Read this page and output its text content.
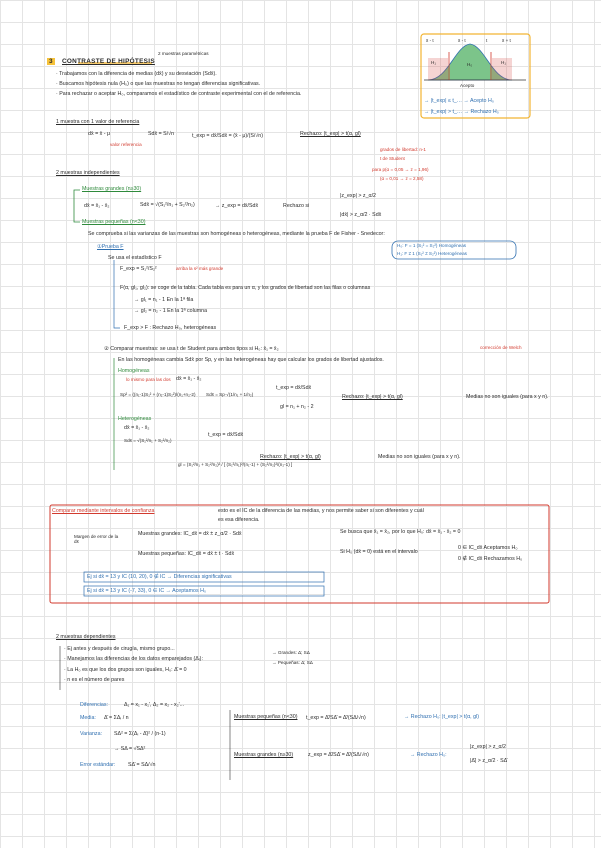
2 muestras paramétricas
3	CONTRASTE DE HIPÓTESIS
· Trabajamos con la diferencia de medias (dx̄) y su desviación (Sdx̄).
· Buscamos hipótesis nula (H₀) o que las muestras no tengan diferencias significativas.
· Para rechazar o aceptar H₀, comparamos el estadístico de contraste experimental con el de referencia.
x̄ - t	x̄ - t	t	x̄ + t
H₁	H₀	H₁
Acepto
→ |t_exp| ≤ t_… → Acepto H₀
→ |t_exp| > t_… → Rechazo H₀
1 muestra con 1 valor de referencia
dx̄ = x̄ - μ
valor referencia
Sdx̄ = S/√n	t_exp = dx̄/Sdx̄ = (x̄ - μ)/(S/√n)	Rechazo: |t_exp| > t(α, gl)
grados de libertad: n-1
t de Student
2 muestras independientes
para p(α = 0,05 → z = 1,96)
(α = 0,01 → z = 2,58)
Muestras grandes (n≥30)
dx̄ = x̄₁ - x̄₂	Sdx̄ = √(S₁²/n₁ + S₂²/n₂)	→ z_exp = dx̄/Sdx̄	Rechazo si
|z_exp| > z_α/2
|dx̄| > z_α/2 · Sdx̄
Muestras pequeñas (n<30)
Se comprueba si las varianzas de las muestras son homogéneas o heterogéneas, mediante la prueba F de Fisher - Snedecor:
H₀: F = 1 (S₁² = S₂²) Homogéneas
H₁: F ≠ 1 (S₁² ≠ S₂²) Heterogéneas
①Prueba F
Se usa el estadístico F
F_exp = S₁²/S₂²	arriba la s² más grande
F(α, gl₁, gl₂): se coge de la tabla. Cada tabla es para un α, y los grados de libertad son las filas o columnas
→ gl₁ = n₁ - 1 En la 1ª fila
→ gl₂ = n₂ - 1 En la 1ª columna
F_exp > F : Rechazo H₀, heterogéneas
② Comparar muestras: se usa t de Student para ambos tipos si H₀: x̄₁ = x̄₂	corrección de Welch
En las homogéneas cambia Sdx̄ por Sp, y en las heterogéneas hay que calcular los grados de libertad ajustados.
Homogéneas
lo mismo para las dos dx̄ = x̄₁ - x̄₂
Sp² = ((n₁-1)S₁² + (n₂-1)S₂²)/(n₁+n₂-2) Sdx̄ = Sp·√(1/n₁ + 1/n₂)
t_exp = dx̄/Sdx̄
gl = n₁ + n₂ - 2
Rechazo: |t_exp| > t(α, gl)	Medias no son iguales (para x y n).
Heterogéneas
dx̄ = x̄₁ - x̄₂
Sdx̄ = √(S₁²/n₁ + S₂²/n₂)
t_exp = dx̄/Sdx̄
gl = (S₁²/n₁ + S₂²/n₂)² / [ (S₁²/n₁)²/(n₁-1) + (S₂²/n₂)²/(n₂-1) ]
Rechazo: |t_exp| > t(α, gl)	Medias no son iguales (para x y n).
Comparar mediante intervalos de confianza	esto es el IC de la diferencia de las medias, y nos permite saber si son diferentes y cuál
es esa diferencia.
Margen de error de la dx̄
Muestras grandes: IC_dx̄ = dx̄ ± z_α/2 · Sdx̄
Muestras pequeñas: IC_dx̄ = dx̄ ± t · Sdx̄
Se busca que x̄₁ = x̄₂, por lo que H₀: dx̄ = x̄₁ - x̄₂ = 0
Si H₀ (dx̄ = 0) está en el intervalo
0 ∈ IC_dx̄ Aceptamos H₀
0 ∉ IC_dx̄ Rechazamos H₀
Ej si dx̄ = 13 y IC (10, 20), 0 ∉ IC → Diferencias significativas
Ej si dx̄ = 13 y IC (-7, 33), 0 ∈ IC → Aceptamos H₀
2 muestras dependientes
· Ej antes y después de cirugía, mismo grupo...
· Manejamos las diferencias de los datos emparejados (Δᵢ):
→ Grandes: Δ̄, SΔ
→ Pequeñas: Δ̄, SΔ
· La H₀ es que los dos grupos son iguales, H₀: Δ̄ = 0
· n es el número de pares
Diferencias:	Δ₁ = x₁ - x₁', Δ₂ = x₂ - x₂'...
Media: Δ̄ = ΣΔᵢ / n
Varianza: SΔ² = Σ(Δᵢ - Δ̄)² / (n-1)
→ SΔ = √SΔ²
Error estándar: SΔ̄ = SΔ/√n
Muestras pequeñas (n<30) t_exp = Δ̄/SΔ̄ = Δ̄/(SΔ/√n)	→ Rechazo H₀: |t_exp| > t(α, gl)
Muestras grandes (n≥30)	z_exp = Δ̄/SΔ̄ = Δ̄/(SΔ/√n)	→ Rechazo H₀:
|z_exp| > z_α/2
|Δ̄| > z_α/2 · SΔ̄
